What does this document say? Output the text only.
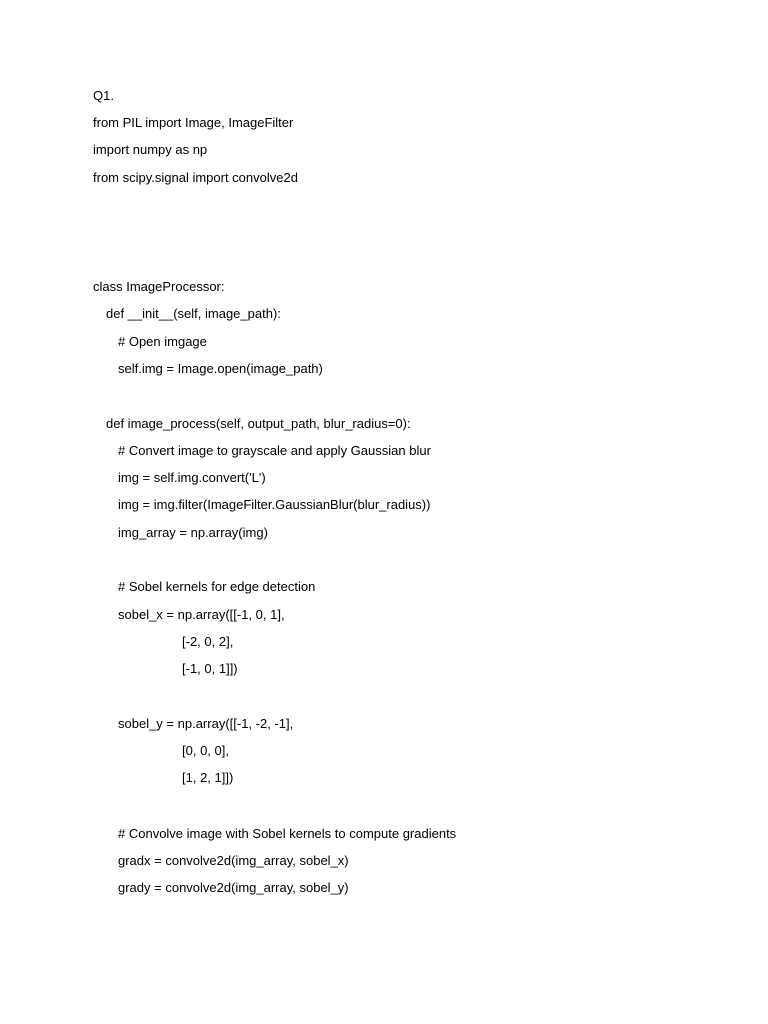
Q1.
from PIL import Image, ImageFilter
import numpy as np
from scipy.signal import convolve2d
class ImageProcessor:
def __init__(self, image_path):
# Open imgage
self.img = Image.open(image_path)
def image_process(self, output_path, blur_radius=0):
# Convert image to grayscale and apply Gaussian blur
img = self.img.convert('L')
img = img.filter(ImageFilter.GaussianBlur(blur_radius))
img_array = np.array(img)
# Sobel kernels for edge detection
sobel_x = np.array([[-1, 0, 1],
[-2, 0, 2],
[-1, 0, 1]])
sobel_y = np.array([[-1, -2, -1],
[0, 0, 0],
[1, 2, 1]])
# Convolve image with Sobel kernels to compute gradients
gradx = convolve2d(img_array, sobel_x)
grady = convolve2d(img_array, sobel_y)
